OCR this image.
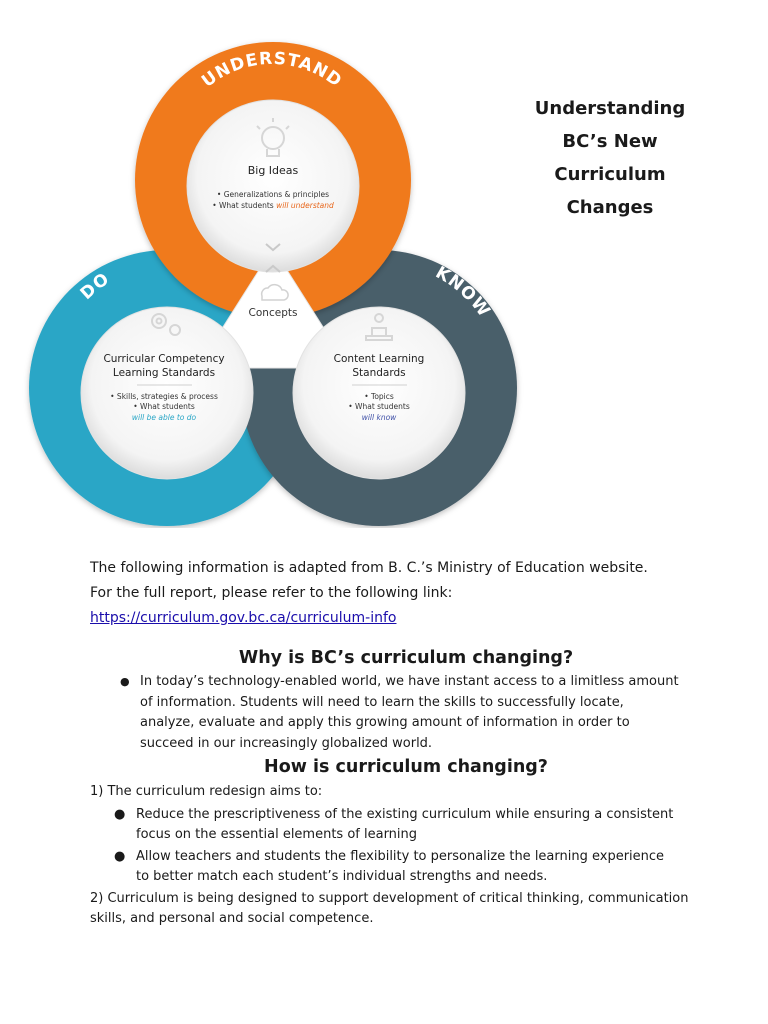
UNDERSTAND
DO	KNOW
Big Ideas
• Generalizations & principles
• What students will understand
Concepts
Curricular Competency
Learning Standards
• Skills, strategies & process
• What students
will be able to do
Content Learning
Standards
• Topics
• What students
will know
Understanding
BC’s New
Curriculum
Changes
The following information is adapted from B. C.’s Ministry of Education website.
For the full report, please refer to the following link:
https://curriculum.gov.bc.ca/curriculum-info
Why is BC’s curriculum changing?
● In today’s technology-enabled world, we have instant access to a limitless amount of information. Students will need to learn the skills to successfully locate, analyze, evaluate and apply this growing amount of information in order to succeed in our increasingly globalized world.
How is curriculum changing?
1) The curriculum redesign aims to:
● Reduce the prescriptiveness of the existing curriculum while ensuring a consistent focus on the essential elements of learning
● Allow teachers and students the flexibility to personalize the learning experience to better match each student’s individual strengths and needs.
2) Curriculum is being designed to support development of critical thinking, communication skills, and personal and social competence.
